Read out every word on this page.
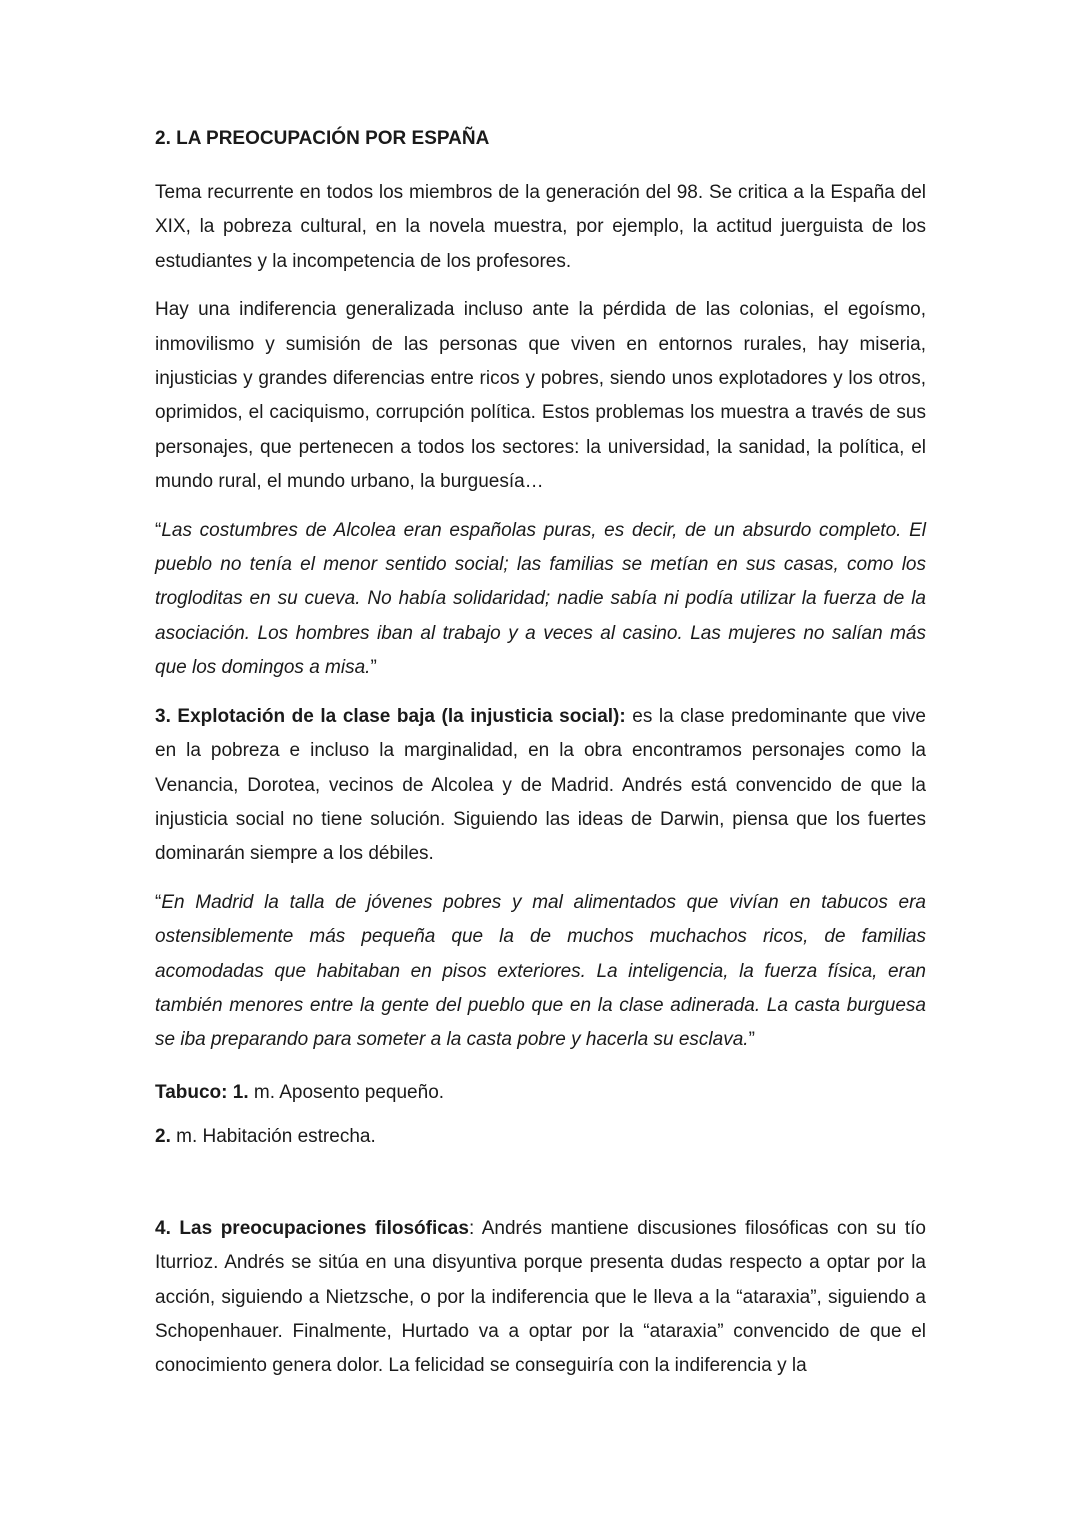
2. LA PREOCUPACIÓN POR ESPAÑA

Tema recurrente en todos los miembros de la generación del 98. Se critica a la España del XIX, la pobreza cultural, en la novela muestra, por ejemplo, la actitud juerguista de los estudiantes y la incompetencia de los profesores.

Hay una indiferencia generalizada incluso ante la pérdida de las colonias, el egoísmo, inmovilismo y sumisión de las personas que viven en entornos rurales, hay miseria, injusticias y grandes diferencias entre ricos y pobres, siendo unos explotadores y los otros, oprimidos, el caciquismo, corrupción política. Estos problemas los muestra a través de sus personajes, que pertenecen a todos los sectores: la universidad, la sanidad, la política, el mundo rural, el mundo urbano, la burguesía…

“Las costumbres de Alcolea eran españolas puras, es decir, de un absurdo completo. El pueblo no tenía el menor sentido social; las familias se metían en sus casas, como los trogloditas en su cueva. No había solidaridad; nadie sabía ni podía utilizar la fuerza de la asociación. Los hombres iban al trabajo y a veces al casino. Las mujeres no salían más que los domingos a misa.”

3. Explotación de la clase baja (la injusticia social): es la clase predominante que vive en la pobreza e incluso la marginalidad, en la obra encontramos personajes como la Venancia, Dorotea, vecinos de Alcolea y de Madrid. Andrés está convencido de que la injusticia social no tiene solución. Siguiendo las ideas de Darwin, piensa que los fuertes dominarán siempre a los débiles.

“En Madrid la talla de jóvenes pobres y mal alimentados que vivían en tabucos era ostensiblemente más pequeña que la de muchos muchachos ricos, de familias acomodadas que habitaban en pisos exteriores. La inteligencia, la fuerza física, eran también menores entre la gente del pueblo que en la clase adinerada. La casta burguesa se iba preparando para someter a la casta pobre y hacerla su esclava.”

Tabuco: 1. m. Aposento pequeño.
2. m. Habitación estrecha.

4. Las preocupaciones filosóficas: Andrés mantiene discusiones filosóficas con su tío Iturrioz. Andrés se sitúa en una disyuntiva porque presenta dudas respecto a optar por la acción, siguiendo a Nietzsche, o por la indiferencia que le lleva a la “ataraxia”, siguiendo a Schopenhauer. Finalmente, Hurtado va a optar por la “ataraxia” convencido de que el conocimiento genera dolor. La felicidad se conseguiría con la indiferencia y la
